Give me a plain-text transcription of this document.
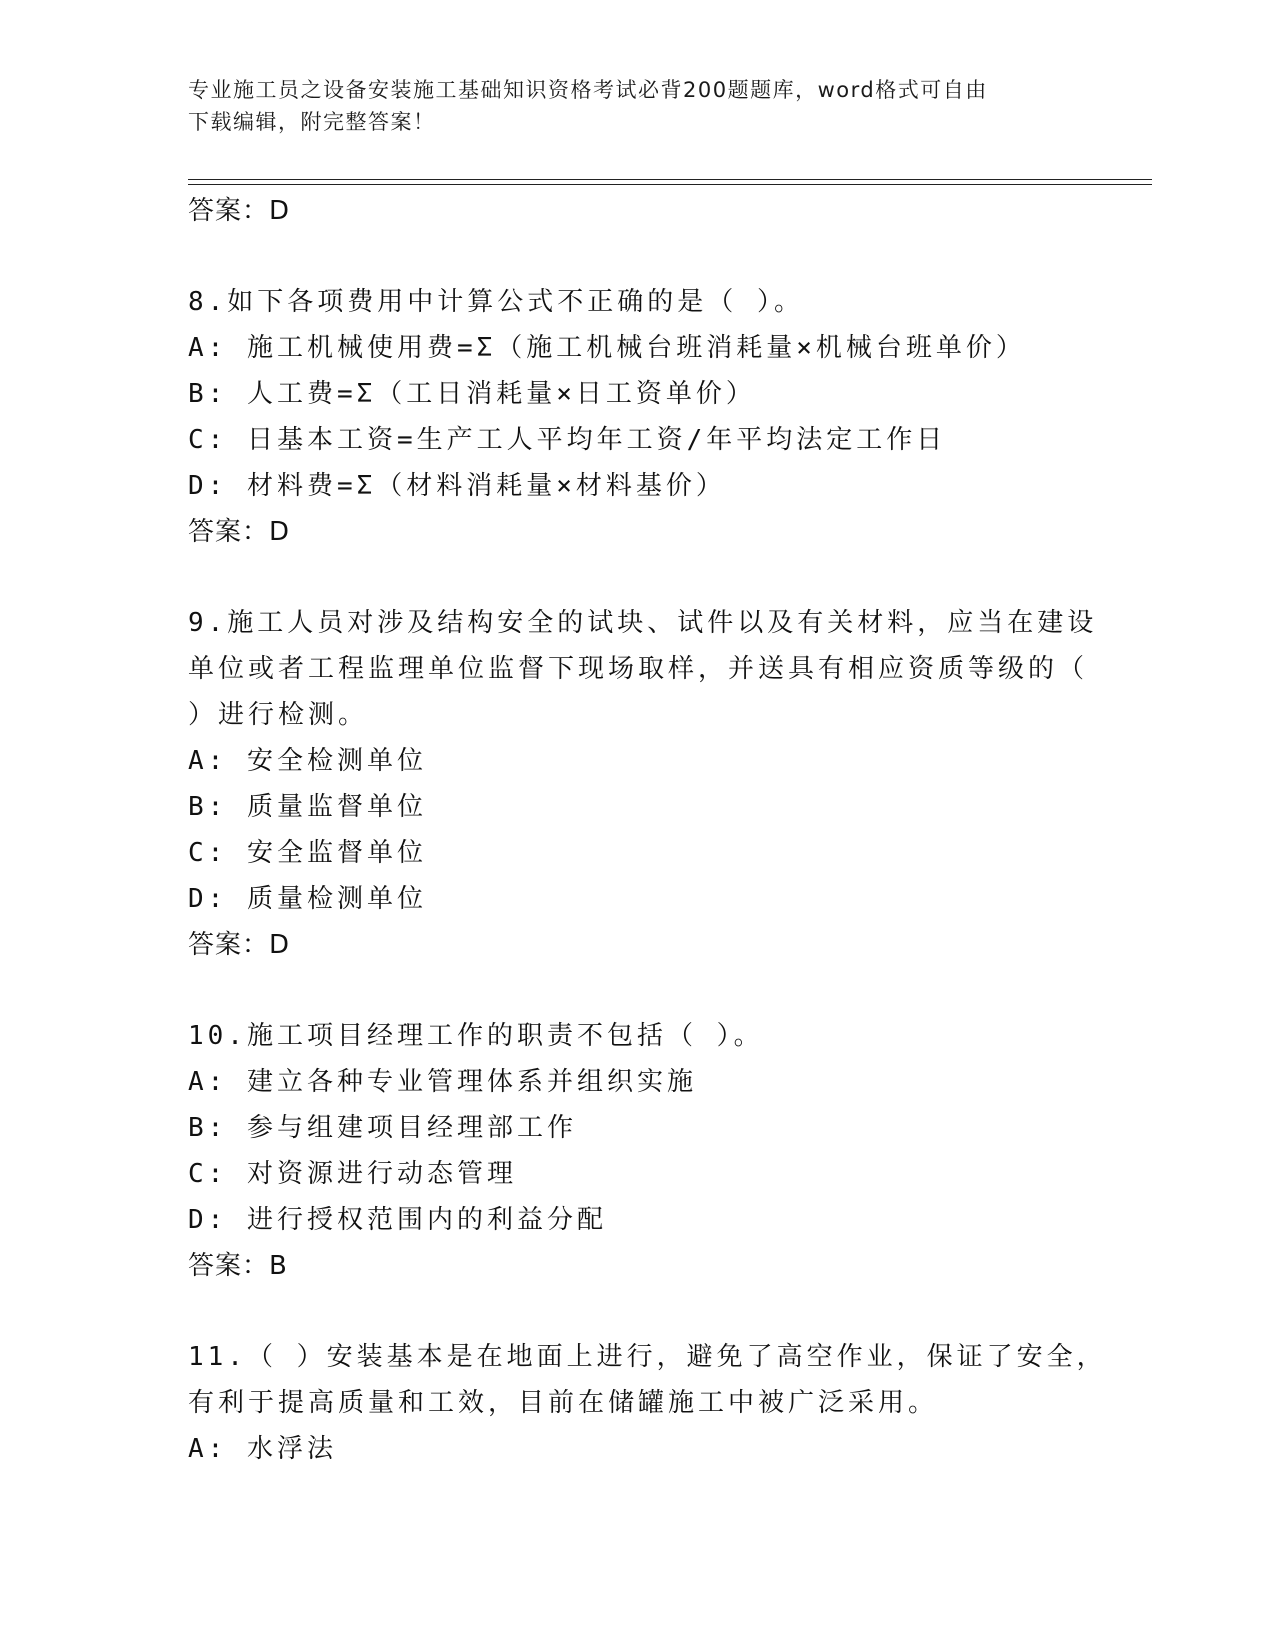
专业施工员之设备安装施工基础知识资格考试必背200题题库，word格式可自由
下载编辑，附完整答案！
答案：D
8.如下各项费用中计算公式不正确的是（ ）。
A: 施工机械使用费=Σ（施工机械台班消耗量×机械台班单价）
B: 人工费=Σ（工日消耗量×日工资单价）
C: 日基本工资=生产工人平均年工资/年平均法定工作日
D: 材料费=Σ（材料消耗量×材料基价）
答案：D
9.施工人员对涉及结构安全的试块、试件以及有关材料，应当在建设
单位或者工程监理单位监督下现场取样，并送具有相应资质等级的（
）进行检测。
A: 安全检测单位
B: 质量监督单位
C: 安全监督单位
D: 质量检测单位
答案：D
10.施工项目经理工作的职责不包括（ ）。
A: 建立各种专业管理体系并组织实施
B: 参与组建项目经理部工作
C: 对资源进行动态管理
D: 进行授权范围内的利益分配
答案：B
11.（ ）安装基本是在地面上进行，避免了高空作业，保证了安全，
有利于提高质量和工效，目前在储罐施工中被广泛采用。
A: 水浮法
